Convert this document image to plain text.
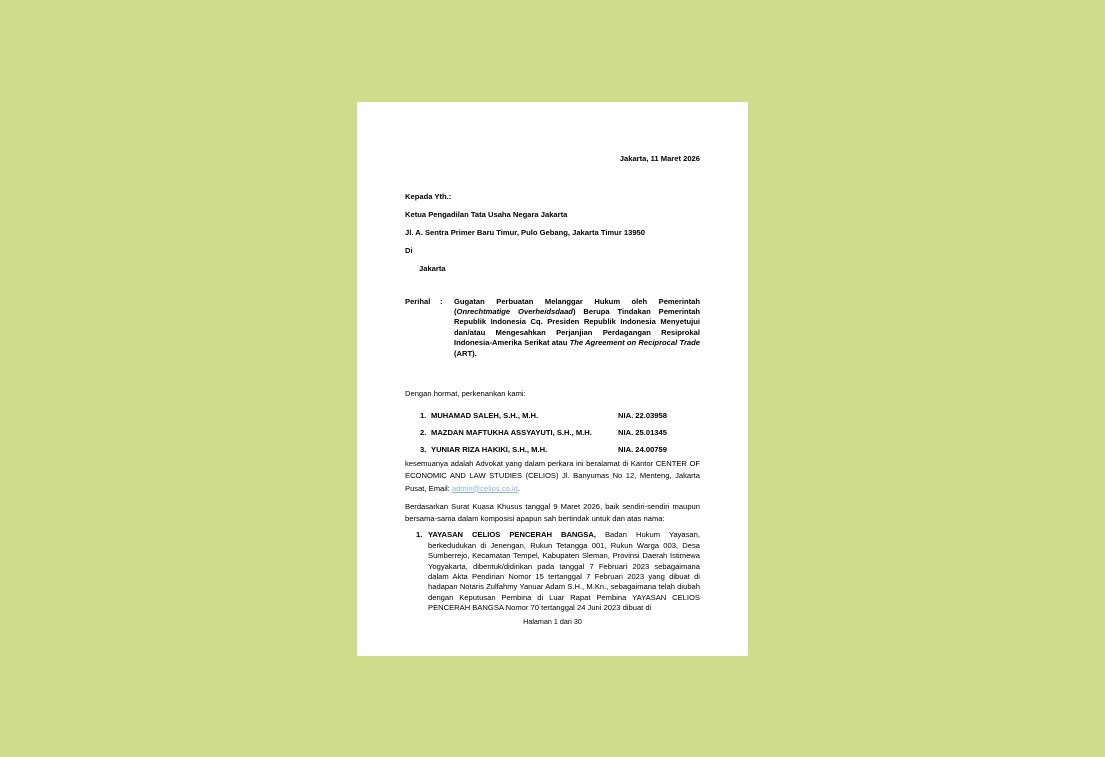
Jakarta, 11 Maret 2026
Kepada Yth.:
Ketua Pengadilan Tata Usaha Negara Jakarta
Jl. A. Sentra Primer Baru Timur, Pulo Gebang, Jakarta Timur 13950
Di
Jakarta
Perihal	:	Gugatan Perbuatan Melanggar Hukum oleh Pemerintah (Onrechtmatige Overheidsdaad) Berupa Tindakan Pemerintah Republik Indonesia Cq. Presiden Republik Indonesia Menyetujui dan/atau Mengesahkan Perjanjian Perdagangan Resiprokal Indonesia-Amerika Serikat atau The Agreement on Reciprocal Trade (ART).
Dengan hormat, perkenankan kami:
1. MUHAMAD SALEH, S.H., M.H.	NIA. 22.03958
2. MAZDAN MAFTUKHA ASSYAYUTI, S.H., M.H.	NIA. 25.01345
3. YUNIAR RIZA HAKIKI, S.H., M.H.	NIA. 24.00759

kesemuanya adalah Advokat yang dalam perkara ini beralamat di Kantor CENTER OF ECONOMIC AND LAW STUDIES (CELIOS) Jl. Banyumas No 12, Menteng, Jakarta Pusat, Email: admin@celios.co.id.

Berdasarkan Surat Kuasa Khusus tanggal 9 Maret 2026, baik sendiri-sendiri maupun bersama-sama dalam komposisi apapun sah bertindak untuk dan atas nama:

1. YAYASAN CELIOS PENCERAH BANGSA, Badan Hukum Yayasan, berkedudukan di Jenengan, Rukun Tetangga 001, Rukun Warga 003, Desa Sumberrejo, Kecamatan Tempel, Kabupaten Sleman, Provinsi Daerah Istimewa Yogyakarta, dibentuk/didirikan pada tanggal 7 Februari 2023 sebagaimana dalam Akta Pendirian Nomor 15 tertanggal 7 Februari 2023 yang dibuat di hadapan Notaris Zulfahmy Yanuar Adam S.H., M.Kn., sebagaimana telah diubah dengan Keputusan Pembina di Luar Rapat Pembina YAYASAN CELIOS PENCERAH BANGSA Nomor 70 tertanggal 24 Juni 2023 dibuat di
Halaman 1 dari 30
